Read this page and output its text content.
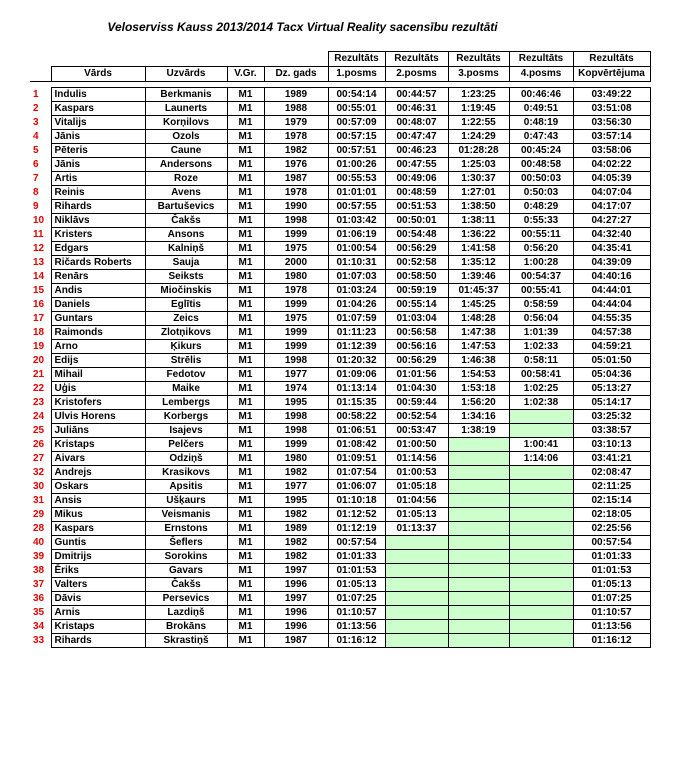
Veloserviss Kauss 2013/2014 Tacx Virtual Reality sacensību rezultāti
					Rezultāts	Rezultāts	Rezultāts	Rezultāts	Rezultāts
	Vārds	Uzvārds	V.Gr.	Dz. gads	1.posms	2.posms	3.posms	4.posms	Kopvērtējuma

1	Indulis	Berkmanis	M1	1989	00:54:14	00:44:57	1:23:25	00:46:46	03:49:22
2	Kaspars	Launerts	M1	1988	00:55:01	00:46:31	1:19:45	0:49:51	03:51:08
3	Vitalijs	Korņilovs	M1	1979	00:57:09	00:48:07	1:22:55	0:48:19	03:56:30
4	Jānis	Ozols	M1	1978	00:57:15	00:47:47	1:24:29	0:47:43	03:57:14
5	Pēteris	Caune	M1	1982	00:57:51	00:46:23	01:28:28	00:45:24	03:58:06
6	Jānis	Andersons	M1	1976	01:00:26	00:47:55	1:25:03	00:48:58	04:02:22
7	Artis	Roze	M1	1987	00:55:53	00:49:06	1:30:37	00:50:03	04:05:39
8	Reinis	Avens	M1	1978	01:01:01	00:48:59	1:27:01	0:50:03	04:07:04
9	Rihards	Bartuševics	M1	1990	00:57:55	00:51:53	1:38:50	0:48:29	04:17:07
10	Niklāvs	Čakšs	M1	1998	01:03:42	00:50:01	1:38:11	0:55:33	04:27:27
11	Kristers	Ansons	M1	1999	01:06:19	00:54:48	1:36:22	00:55:11	04:32:40
12	Edgars	Kalniņš	M1	1975	01:00:54	00:56:29	1:41:58	0:56:20	04:35:41
13	Ričards Roberts	Sauja	M1	2000	01:10:31	00:52:58	1:35:12	1:00:28	04:39:09
14	Renārs	Seiksts	M1	1980	01:07:03	00:58:50	1:39:46	00:54:37	04:40:16
15	Andis	Miočinskis	M1	1978	01:03:24	00:59:19	01:45:37	00:55:41	04:44:01
16	Daniels	Eglītis	M1	1999	01:04:26	00:55:14	1:45:25	0:58:59	04:44:04
17	Guntars	Zeics	M1	1975	01:07:59	01:03:04	1:48:28	0:56:04	04:55:35
18	Raimonds	Zlotņikovs	M1	1999	01:11:23	00:56:58	1:47:38	1:01:39	04:57:38
19	Arno	Ķikurs	M1	1999	01:12:39	00:56:16	1:47:53	1:02:33	04:59:21
20	Edijs	Strēlis	M1	1998	01:20:32	00:56:29	1:46:38	0:58:11	05:01:50
21	Mihail	Fedotov	M1	1977	01:09:06	01:01:56	1:54:53	00:58:41	05:04:36
22	Uģis	Maike	M1	1974	01:13:14	01:04:30	1:53:18	1:02:25	05:13:27
23	Kristofers	Lembergs	M1	1995	01:15:35	00:59:44	1:56:20	1:02:38	05:14:17
24	Ulvis Horens	Korbergs	M1	1998	00:58:22	00:52:54	1:34:16		03:25:32
25	Juliāns	Isajevs	M1	1998	01:06:51	00:53:47	1:38:19		03:38:57
26	Kristaps	Pelčers	M1	1999	01:08:42	01:00:50		1:00:41	03:10:13
27	Aivars	Odziņš	M1	1980	01:09:51	01:14:56		1:14:06	03:41:21
32	Andrejs	Krasikovs	M1	1982	01:07:54	01:00:53			02:08:47
30	Oskars	Apsitis	M1	1977	01:06:07	01:05:18			02:11:25
31	Ansis	Ušķaurs	M1	1995	01:10:18	01:04:56			02:15:14
29	Mikus	Veismanis	M1	1982	01:12:52	01:05:13			02:18:05
28	Kaspars	Ernstons	M1	1989	01:12:19	01:13:37			02:25:56
40	Guntis	Šeflers	M1	1982	00:57:54				00:57:54
39	Dmitrijs	Sorokins	M1	1982	01:01:33				01:01:33
38	Ēriks	Gavars	M1	1997	01:01:53				01:01:53
37	Valters	Čakšs	M1	1996	01:05:13				01:05:13
36	Dāvis	Persevics	M1	1997	01:07:25				01:07:25
35	Arnis	Lazdiņš	M1	1996	01:10:57				01:10:57
34	Kristaps	Brokāns	M1	1996	01:13:56				01:13:56
33	Rihards	Skrastiņš	M1	1987	01:16:12				01:16:12
